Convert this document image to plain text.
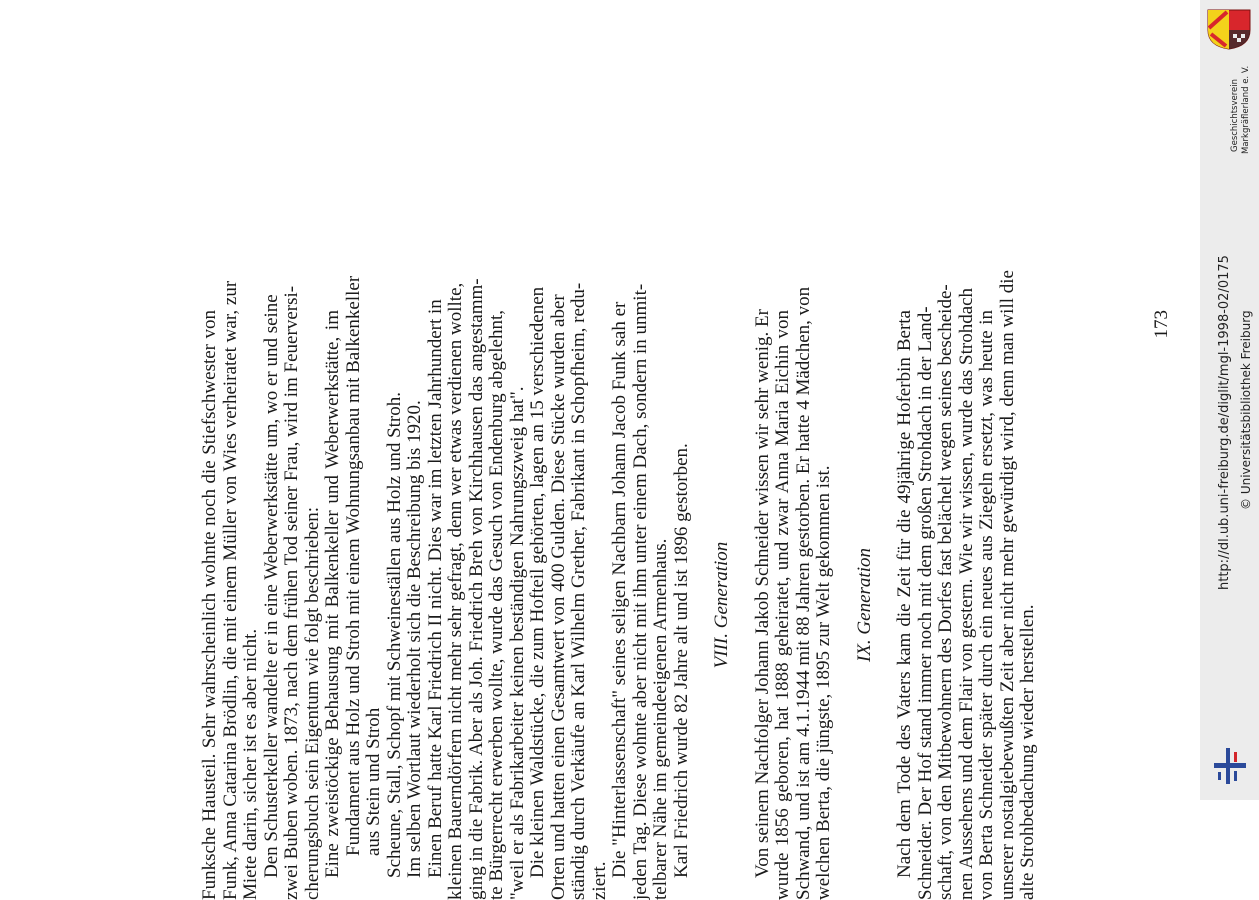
Funksche Hausteil. Sehr wahrscheinlich wohnte noch die Stiefschwester von Funk, Anna Catarina Brödlin, die mit einem Müller von Wies verheiratet war, zur Miete darin, sicher ist es aber nicht. Den Schusterkeller wandelte er in eine Weberwerkstätte um, wo er und seine zwei Buben woben. 1873, nach dem frühen Tod seiner Frau, wird im Feuerversi- cherungsbuch sein Eigentum wie folgt beschrieben: Eine zweistöckige Behausung mit Balkenkeller und Weberwerkstätte, im Fundament aus Holz und Stroh mit einem Wohnungsanbau mit Balkenkeller aus Stein und Stroh Scheune, Stall, Schopf mit Schweineställen aus Holz und Stroh. Im selben Wortlaut wiederholt sich die Beschreibung bis 1920. Einen Beruf hatte Karl Friedrich II nicht. Dies war im letzten Jahrhundert in kleinen Bauerndörfern nicht mehr sehr gefragt, denn wer etwas verdienen wollte, ging in die Fabrik. Aber als Joh. Friedrich Breh von Kirchhausen das angestamm- te Bürgerrecht erwerben wollte, wurde das Gesuch von Endenburg abgelehnt, "weil er als Fabrikarbeiter keinen beständigen Nahrungszweig hat". Die kleinen Waldstücke, die zum Hofteil gehörten, lagen an 15 verschiedenen Orten und hatten einen Gesamtwert von 400 Gulden. Diese Stücke wurden aber ständig durch Verkäufe an Karl Wilhelm Grether, Fabrikant in Schopfheim, redu- ziert.
Die "Hinterlassenschaft" seines seligen Nachbarn Johann Jacob Funk sah er jeden Tag. Diese wohnte aber nicht mit ihm unter einem Dach, sondern in unmit- telbarer Nähe im gemeindeeigenen Armenhaus. Karl Friedrich wurde 82 Jahre alt und ist 1896 gestorben. VIII. Generation Von seinem Nachfolger Johann Jakob Schneider wissen wir sehr wenig. Er wurde 1856 geboren, hat 1888 geheiratet, und zwar Anna Maria Eichin von Schwand, und ist am 4.1.1944 mit 88 Jahren gestorben. Er hatte 4 Mädchen, von welchen Berta, die jüngste, 1895 zur Welt gekommen ist. IX. Generation Nach dem Tode des Vaters kam die Zeit für die 49jährige Hoferbin Berta Schneider. Der Hof stand immer noch mit dem großen Strohdach in der Land- schaft, von den Mitbewohnern des Dorfes fast belächelt wegen seines bescheide- nen Aussehens und dem Flair von gestern. Wie wir wissen, wurde das Strohdach von Berta Schneider später durch ein neues aus Ziegeln ersetzt, was heute in unserer nostalgiebewußten Zeit aber nicht mehr gewürdigt wird, denn man will die alte Strohbedachung wieder herstellen.
173	http://dl.ub.uni-freiburg.de/diglit/mgl-1998-02/0175 © Universitätsbibliothek Freiburg
Geschichtsverein Markgräflerland e. V.
